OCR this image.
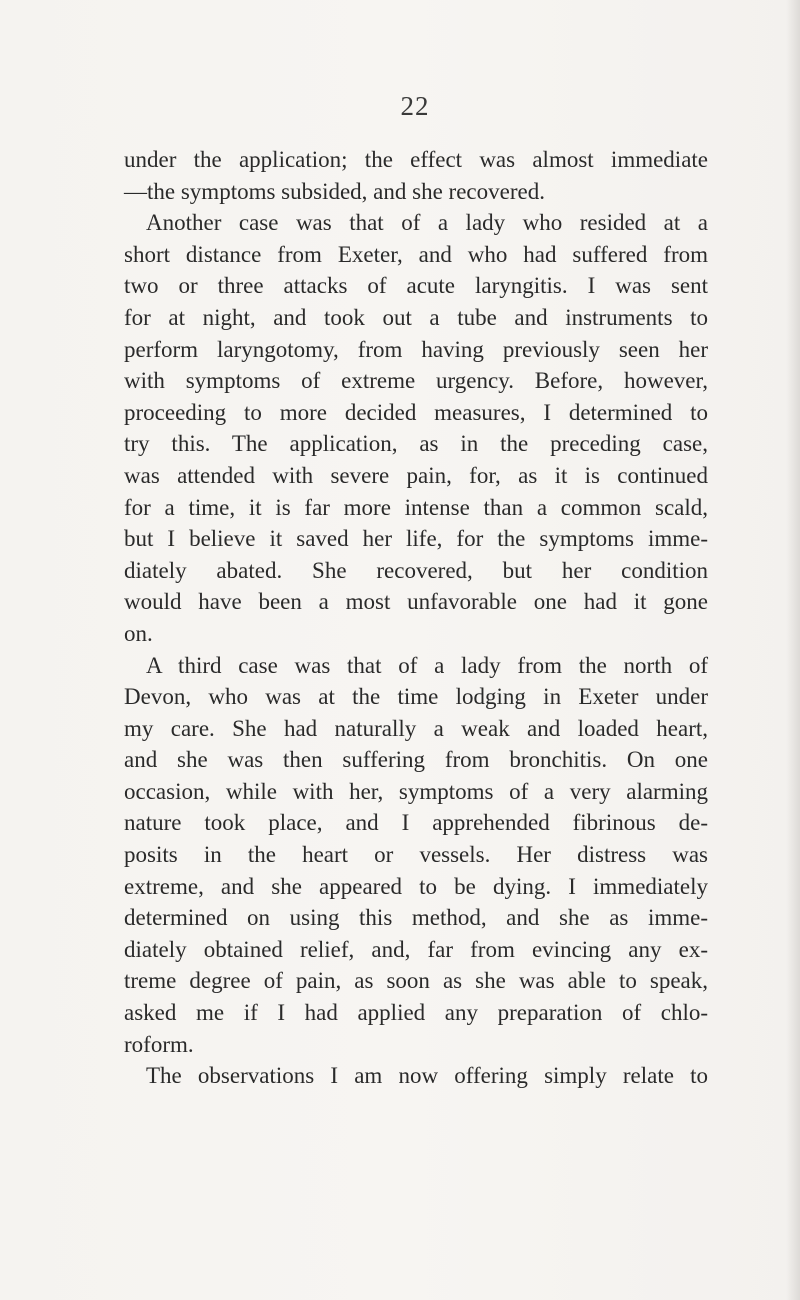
22

under the application; the effect was almost immediate
—the symptoms subsided, and she recovered.

Another case was that of a lady who resided at a
short distance from Exeter, and who had suffered from
two or three attacks of acute laryngitis. I was sent
for at night, and took out a tube and instruments to
perform laryngotomy, from having previously seen her
with symptoms of extreme urgency. Before, however,
proceeding to more decided measures, I determined to
try this. The application, as in the preceding case,
was attended with severe pain, for, as it is continued
for a time, it is far more intense than a common scald,
but I believe it saved her life, for the symptoms imme-
diately abated. She recovered, but her condition
would have been a most unfavorable one had it gone
on.

A third case was that of a lady from the north of
Devon, who was at the time lodging in Exeter under
my care. She had naturally a weak and loaded heart,
and she was then suffering from bronchitis. On one
occasion, while with her, symptoms of a very alarming
nature took place, and I apprehended fibrinous de-
posits in the heart or vessels. Her distress was
extreme, and she appeared to be dying. I immediately
determined on using this method, and she as imme-
diately obtained relief, and, far from evincing any ex-
treme degree of pain, as soon as she was able to speak,
asked me if I had applied any preparation of chlo-
roform.

The observations I am now offering simply relate to
